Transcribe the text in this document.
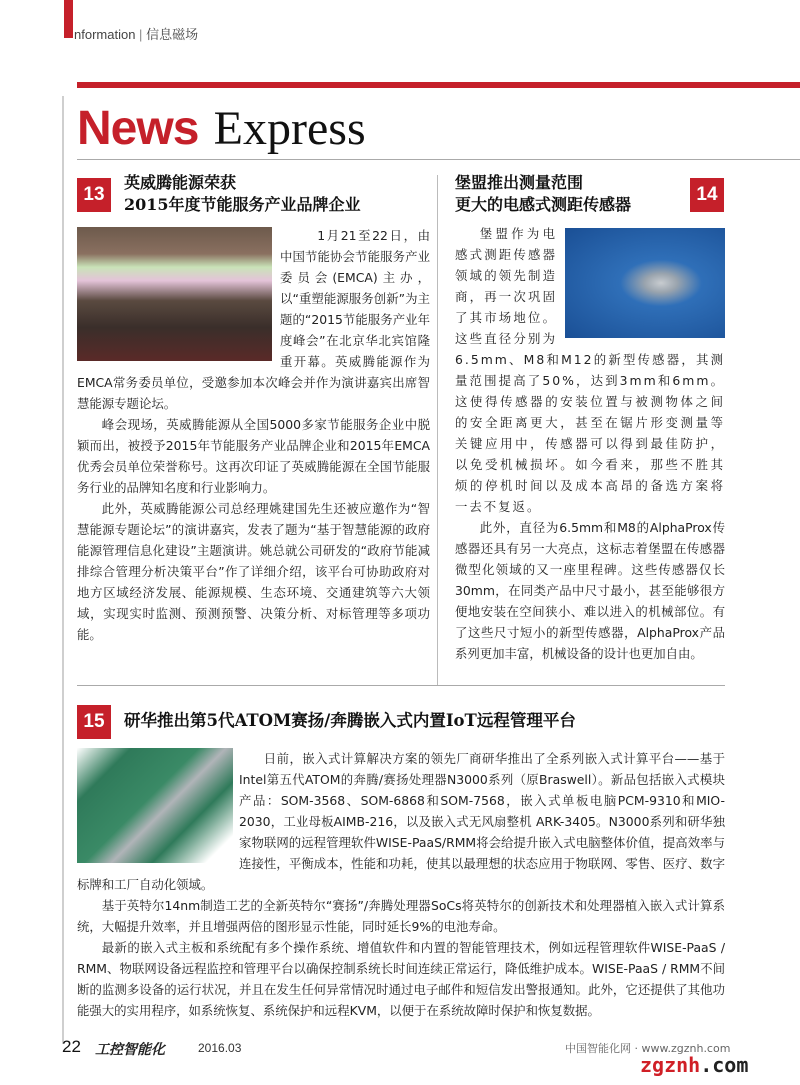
nformation | 信息磁场
News Express
13
英威腾能源荣获
2015年度节能服务产业品牌企业

1月21至22日，由中国节能协会节能服务产业委员会(EMCA)主办，以“重塑能源服务创新”为主题的“2015节能服务产业年度峰会”在北京华北宾馆隆重开幕。英威腾能源作为EMCA常务委员单位，受邀参加本次峰会并作为演讲嘉宾出席智慧能源专题论坛。

峰会现场，英威腾能源从全国5000多家节能服务企业中脱颖而出，被授予2015年节能服务产业品牌企业和2015年EMCA优秀会员单位荣誉称号。这再次印证了英威腾能源在全国节能服务行业的品牌知名度和行业影响力。

此外，英威腾能源公司总经理姚建国先生还被应邀作为“智慧能源专题论坛”的演讲嘉宾，发表了题为“基于智慧能源的政府能源管理信息化建设”主题演讲。姚总就公司研发的“政府节能减排综合管理分析决策平台”作了详细介绍，该平台可协助政府对地方区域经济发展、能源规模、生态环境、交通建筑等六大领域，实现实时监测、预测预警、决策分析、对标管理等多项功能。

堡盟推出测量范围
更大的电感式测距传感器	14

堡盟作为电感式测距传感器领域的领先制造商，再一次巩固了其市场地位。这些直径分别为6.5mm、M8和M12的新型传感器，其测量范围提高了50%，达到3mm和6mm。这使得传感器的安装位置与被测物体之间的安全距离更大，甚至在锯片形变测量等关键应用中，传感器可以得到最佳防护，以免受机械损坏。如今看来，那些不胜其烦的停机时间以及成本高昂的备选方案将一去不复返。

此外，直径为6.5mm和M8的AlphaProx传感器还具有另一大亮点，这标志着堡盟在传感器微型化领域的又一座里程碑。这些传感器仅长30mm，在同类产品中尺寸最小，甚至能够很方便地安装在空间狭小、难以进入的机械部位。有了这些尺寸短小的新型传感器，AlphaProx产品系列更加丰富，机械设备的设计也更加自由。

15	研华推出第5代ATOM赛扬/奔腾嵌入式内置IoT远程管理平台

日前，嵌入式计算解决方案的领先厂商研华推出了全系列嵌入式计算平台——基于Intel第五代ATOM的奔腾/赛扬处理器N3000系列（原Braswell）。新品包括嵌入式模块产品：SOM-3568、SOM-6868和SOM-7568，嵌入式单板电脑PCM-9310和MIO-2030，工业母板AIMB-216，以及嵌入式无风扇整机 ARK-3405。N3000系列和研华独家物联网的远程管理软件WISE-PaaS/RMM将会给提升嵌入式电脑整体价值，提高效率与连接性，平衡成本，性能和功耗，使其以最理想的状态应用于物联网、零售、医疗、数字标牌和工厂自动化领域。

基于英特尔14nm制造工艺的全新英特尔“赛扬”/奔腾处理器SoCs将英特尔的创新技术和处理器植入嵌入式计算系统，大幅提升效率，并且增强两倍的图形显示性能，同时延长9%的电池寿命。

最新的嵌入式主板和系统配有多个操作系统、增值软件和内置的智能管理技术，例如远程管理软件WISE-PaaS / RMM、物联网设备远程监控和管理平台以确保控制系统长时间连续正常运行，降低维护成本。WISE-PaaS / RMM不间断的监测多设备的运行状况，并且在发生任何异常情况时通过电子邮件和短信发出警报通知。此外，它还提供了其他功能强大的实用程序，如系统恢复、系统保护和远程KVM，以便于在系统故障时保护和恢复数据。

22 工控智能化	2016.03	中国智能化网 · www.zgznh.com
zgznh.com
